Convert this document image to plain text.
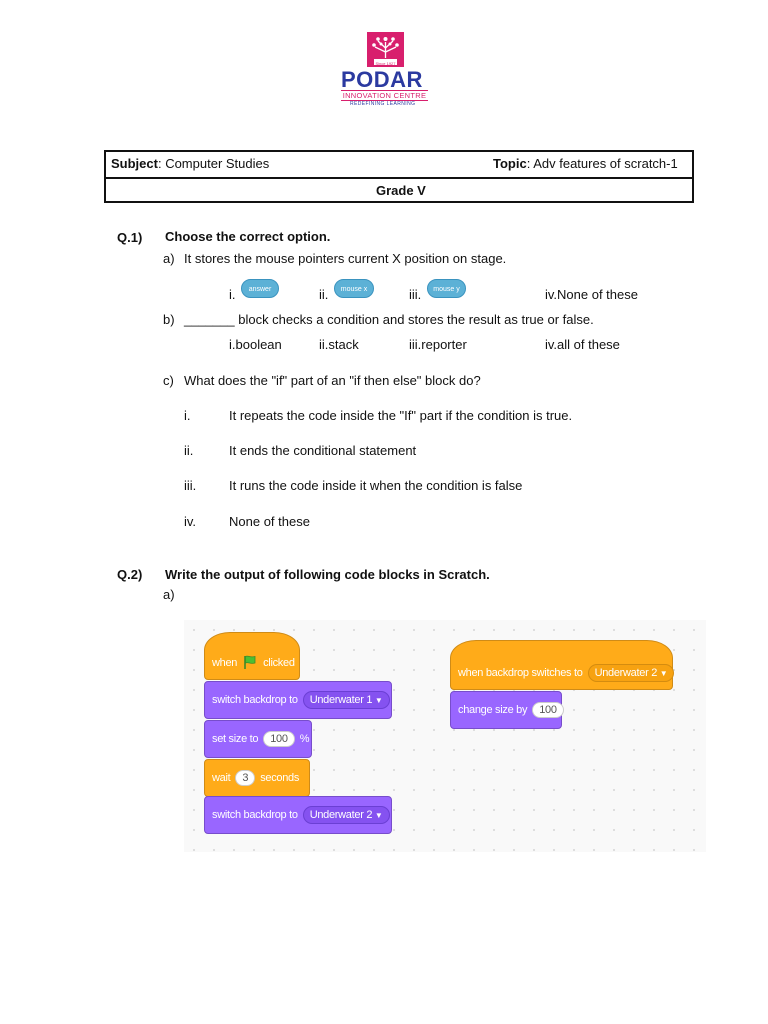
Since 1927
PODAR
INNOVATION CENTRE
REDEFINING LEARNING
Subject: Computer Studies	Topic: Adv features of scratch-1
Grade V
Q.1) Choose the correct option.
a) It stores the mouse pointers current X position on stage.
i.	answer	ii.	mouse x	iii.	mouse y	iv.None of these
b) _______ block checks a condition and stores the result as true or false.
i.boolean	ii.stack	iii.reporter	iv.all of these
c) What does the "if" part of an "if then else" block do?
i.	It repeats the code inside the "If" part if the condition is true.
ii.	It ends the conditional statement
iii.	It runs the code inside it when the condition is false
iv.	None of these
Q.2) Write the output of following code blocks in Scratch.
a)
when clicked
switch backdrop to	Underwater 1 ▼
set size to	100	%
wait	3	seconds
switch backdrop to	Underwater 2 ▼
when backdrop switches to	Underwater 2 ▼
change size by	100
